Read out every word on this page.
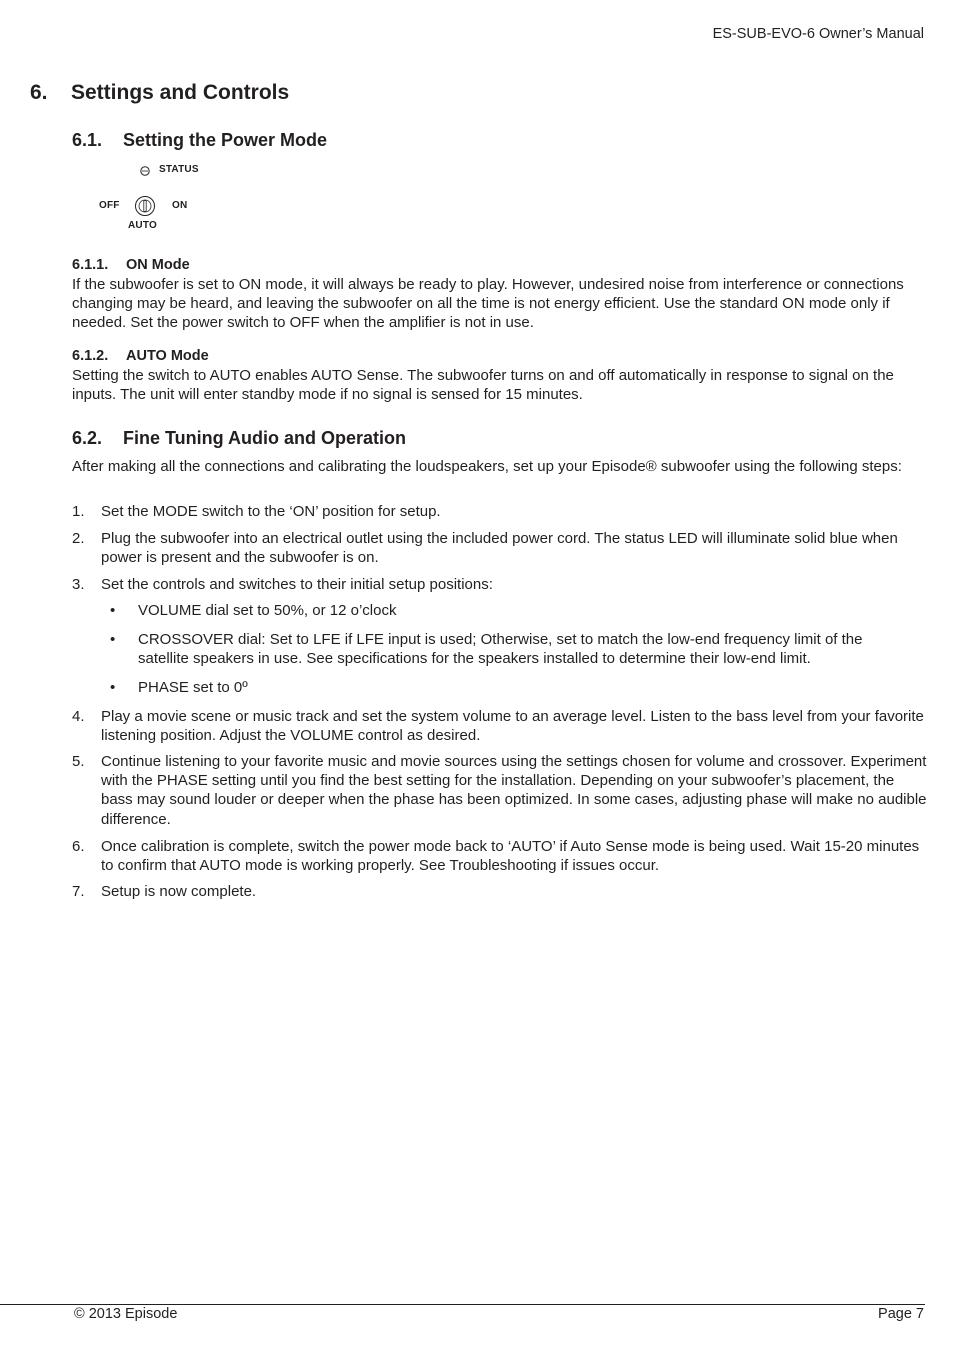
ES-SUB-EVO-6 Owner’s Manual
6. Settings and Controls
6.1. Setting the Power Mode
STATUS
OFF	ON
AUTO
6.1.1. ON Mode
If the subwoofer is set to ON mode, it will always be ready to play. However, undesired noise from interference or connections changing may be heard, and leaving the subwoofer on all the time is not energy efficient. Use the standard ON mode only if needed. Set the power switch to OFF when the amplifier is not in use.
6.1.2. AUTO Mode
Setting the switch to AUTO enables AUTO Sense. The subwoofer turns on and off automatically in response to signal on the inputs. The unit will enter standby mode if no signal is sensed for 15 minutes.
6.2. Fine Tuning Audio and Operation
After making all the connections and calibrating the loudspeakers, set up your Episode® subwoofer using the following steps:
1. Set the MODE switch to the ‘ON’ position for setup.
2. Plug the subwoofer into an electrical outlet using the included power cord. The status LED will illuminate solid blue when power is present and the subwoofer is on.
3. Set the controls and switches to their initial setup positions:
• VOLUME dial set to 50%, or 12 o’clock
• CROSSOVER dial: Set to LFE if LFE input is used; Otherwise, set to match the low-end frequency limit of the satellite speakers in use. See specifications for the speakers installed to determine their low-end limit.
• PHASE set to 0º
4. Play a movie scene or music track and set the system volume to an average level. Listen to the bass level from your favorite listening position. Adjust the VOLUME control as desired.
5. Continue listening to your favorite music and movie sources using the settings chosen for volume and crossover. Experiment with the PHASE setting until you find the best setting for the installation. Depending on your subwoofer’s placement, the bass may sound louder or deeper when the phase has been optimized. In some cases, adjusting phase will make no audible difference.
6. Once calibration is complete, switch the power mode back to ‘AUTO’ if Auto Sense mode is being used. Wait 15-20 minutes to confirm that AUTO mode is working properly. See Troubleshooting if issues occur.
7. Setup is now complete.
© 2013 Episode	Page 7
